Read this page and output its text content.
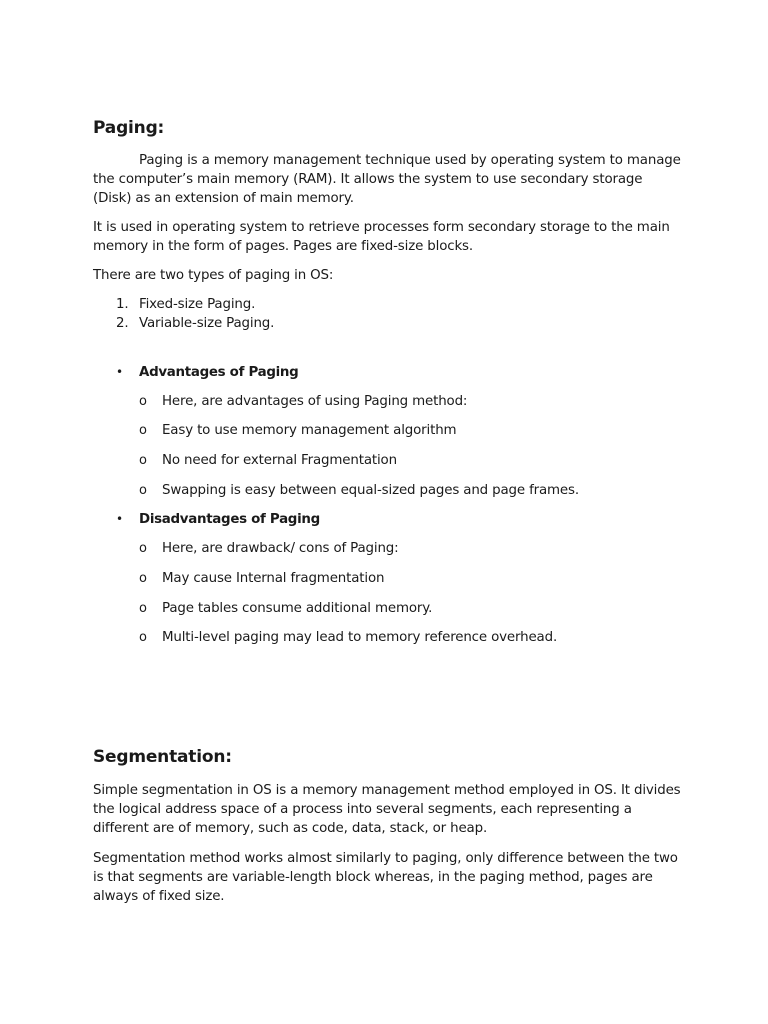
Paging:

Paging is a memory management technique used by operating system to manage the computer’s main memory (RAM). It allows the system to use secondary storage (Disk) as an extension of main memory.

It is used in operating system to retrieve processes form secondary storage to the main memory in the form of pages. Pages are fixed-size blocks.

There are two types of paging in OS:

1. Fixed-size Paging.
2. Variable-size Paging.
• Advantages of Paging
o Here, are advantages of using Paging method:
o Easy to use memory management algorithm
o No need for external Fragmentation
o Swapping is easy between equal-sized pages and page frames.
• Disadvantages of Paging
o Here, are drawback/ cons of Paging:
o May cause Internal fragmentation
o Page tables consume additional memory.
o Multi-level paging may lead to memory reference overhead.
Segmentation:

Simple segmentation in OS is a memory management method employed in OS. It divides the logical address space of a process into several segments, each representing a different are of memory, such as code, data, stack, or heap.

Segmentation method works almost similarly to paging, only difference between the two is that segments are variable-length block whereas, in the paging method, pages are always of fixed size.
